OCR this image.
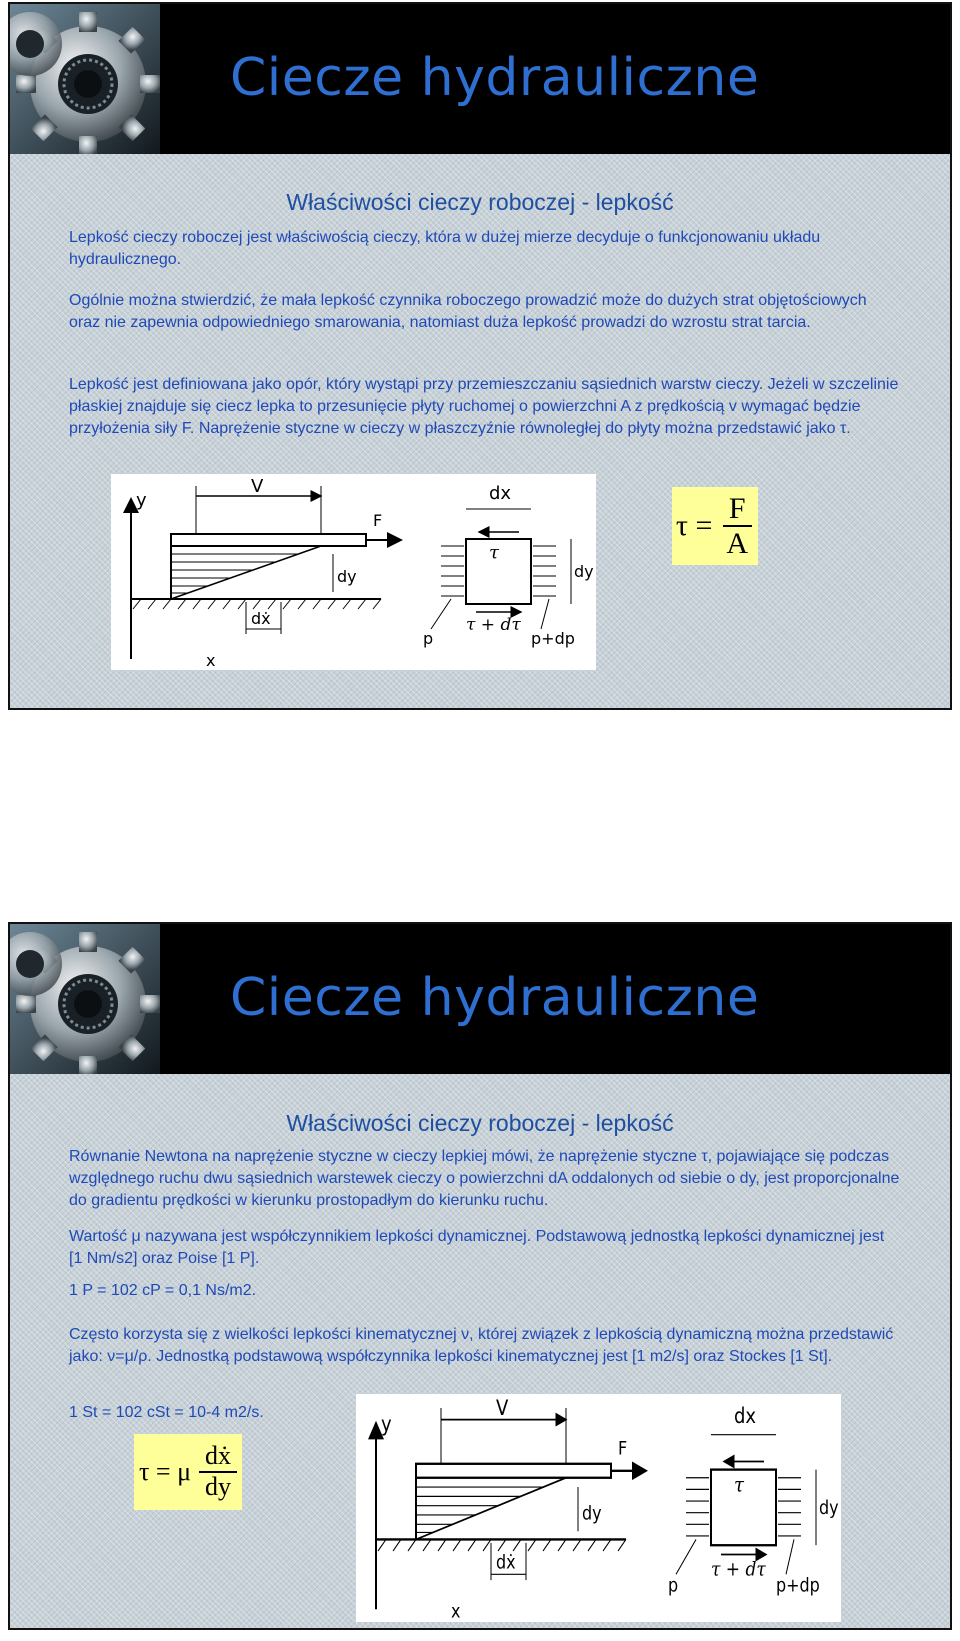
Ciecze hydrauliczne
Właściwości cieczy roboczej - lepkość
Lepkość cieczy roboczej jest właściwością cieczy, która w dużej mierze decyduje o funkcjonowaniu układu hydraulicznego.
Ogólnie można stwierdzić, że mała lepkość czynnika roboczego prowadzić może do dużych strat objętościowych oraz nie zapewnia odpowiedniego smarowania, natomiast duża lepkość prowadzi do wzrostu strat tarcia.
Lepkość jest definiowana jako opór, który wystąpi przy przemieszczaniu sąsiednich warstw cieczy. Jeżeli w szczelinie płaskiej znajduje się ciecz lepka to przesunięcie płyty ruchomej o powierzchni A z prędkością v wymagać będzie przyłożenia siły F. Naprężenie styczne w cieczy w płaszczyźnie równoległej do płyty można przedstawić jako τ.
y
x
F
V
dy
dẋ
dx
τ
dy
τ + dτ
p	p+dp
$\tau = \frac{F}{A}$
Ciecze hydrauliczne
Właściwości cieczy roboczej - lepkość
Równanie Newtona na naprężenie styczne w cieczy lepkiej mówi, że naprężenie styczne τ, pojawiające się podczas względnego ruchu dwu sąsiednich warstewek cieczy o powierzchni dA oddalonych od siebie o dy, jest proporcjonalne do gradientu prędkości w kierunku prostopadłym do kierunku ruchu.
Wartość μ nazywana jest współczynnikiem lepkości dynamicznej. Podstawową jednostką lepkości dynamicznej jest [1 Nm/s2] oraz Poise [1 P].
1 P = 102 cP = 0,1 Ns/m2.
Często korzysta się z wielkości lepkości kinematycznej ν, której związek z lepkością dynamiczną można przedstawić jako: ν=μ/ρ. Jednostką podstawową współczynnika lepkości kinematycznej jest [1 m2/s] oraz Stockes [1 St].
1 St = 102 cSt = 10-4 m2/s.
τ = μ $\frac{\text{dẋ}}{dy}$
y
x
F
V
dy
dẋ
dx
τ
dy
τ + dτ
p	p+dp
